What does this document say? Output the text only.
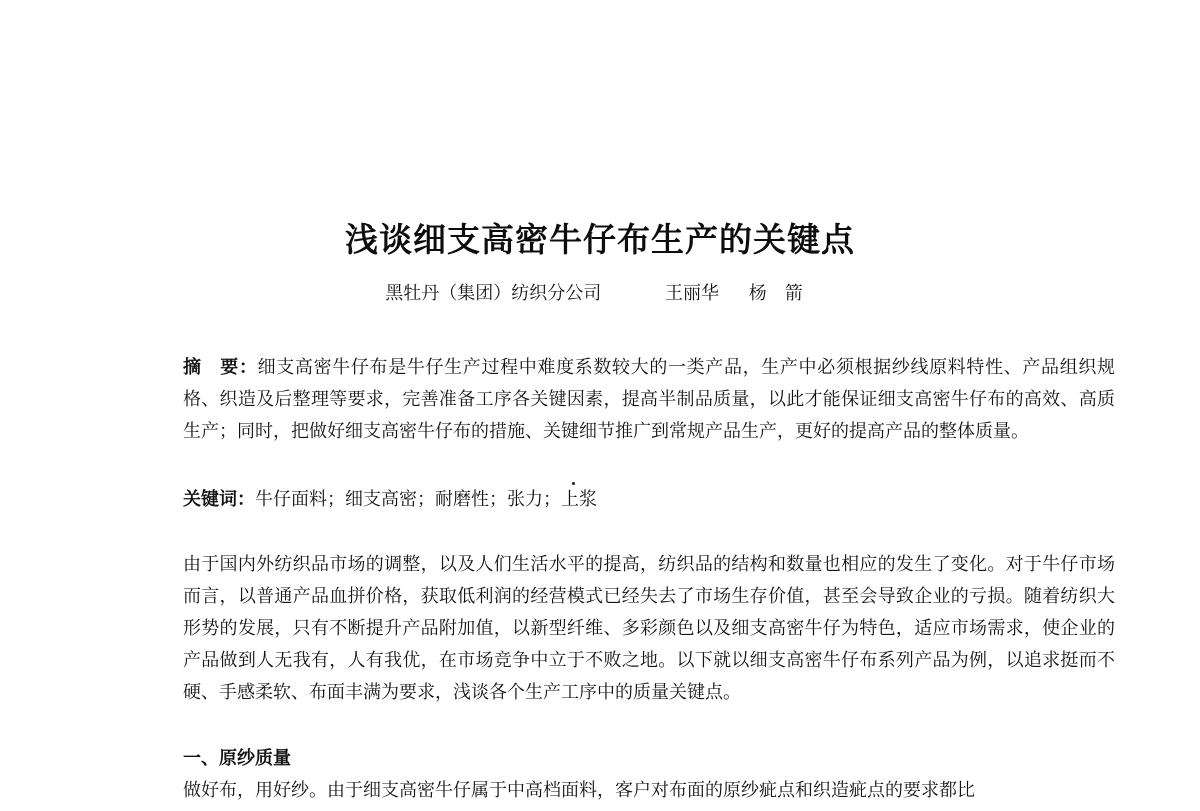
浅谈细支高密牛仔布生产的关键点
黑牡丹（集团）纺织分公司	王丽华 杨　箭
摘　要：细支高密牛仔布是牛仔生产过程中难度系数较大的一类产品，生产中必须根据纱线原料特性、产品组织规格、织造及后整理等要求，完善准备工序各关键因素，提高半制品质量，以此才能保证细支高密牛仔布的高效、高质生产；同时，把做好细支高密牛仔布的措施、关键细节推广到常规产品生产，更好的提高产品的整体质量。
关键词：牛仔面料；细支高密；耐磨性；张力；上浆
由于国内外纺织品市场的调整，以及人们生活水平的提高，纺织品的结构和数量也相应的发生了变化。对于牛仔市场而言，以普通产品血拼价格，获取低利润的经营模式已经失去了市场生存价值，甚至会导致企业的亏损。随着纺织大形势的发展，只有不断提升产品附加值，以新型纤维、多彩颜色以及细支高密牛仔为特色，适应市场需求，使企业的产品做到人无我有，人有我优，在市场竞争中立于不败之地。以下就以细支高密牛仔布系列产品为例，以追求挺而不硬、手感柔软、布面丰满为要求，浅谈各个生产工序中的质量关键点。
一、原纱质量
做好布，用好纱。由于细支高密牛仔属于中高档面料，客户对布面的原纱疵点和织造疵点的要求都比
